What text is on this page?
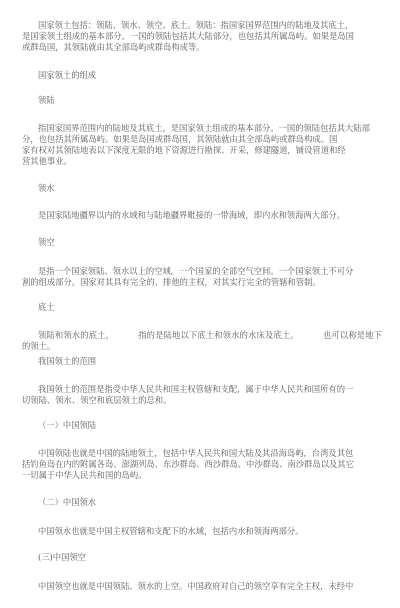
国家领土包括：领陆、领水、领空、底土。领陆：指国家国界范围内的陆地及其底土，
是国家领土组成的基本部分。一国的领陆包括其大陆部分，也包括其所属岛屿。如果是岛国
或群岛国，其领陆就由其全部岛屿或群岛构成等。

国家领土的组成

领陆

指国家国界范围内的陆地及其底土，是国家领土组成的基本部分。一国的领陆包括其大陆部
分，也包括其所属岛屿。如果是岛国或群岛国，其领陆就由其全部岛屿或群岛构成。国
家有权对其领陆地表以下深度无限的地下资源进行勘探、开采，修建隧道，铺设管道和经
营其他事业。

领水

是国家陆地疆界以内的水域和与陆地疆界毗接的一带海域，即内水和领海两大部分。

领空

是指一个国家领陆、领水以上的空域。一个国家的全部空气空间。一个国家领土不可分
割的组成部分。国家对其具有完全的、排他的主权，对其实行完全的管辖和管制。

底土

领陆和领水的底土，	指的是陆地以下底土和领水的水床及底土。	也可以称是地下的领土。

我国领土的范围

我国领土的范围是指受中华人民共和国主权管辖和支配，属于中华人民共和国所有的一
切领陆、领水、领空和底层领土的总和。

（一）中国领陆

中国领陆也就是中国的陆地领土，包括中华人民共和国大陆及其沿海岛屿，台湾及其包
括钓鱼岛在内的附属各岛、澎湖列岛、东沙群岛、西沙群岛、中沙群岛、南沙群岛以及其它
一切属于中华人民共和国的岛屿。

（二）中国领水

中国领水也就是中国主权管辖和支配下的水域，包括内水和领海两部分。

(三)中国领空

中国领空也就是中国领陆、领水的上空。中国政府对自己的领空享有完全主权，未经中
